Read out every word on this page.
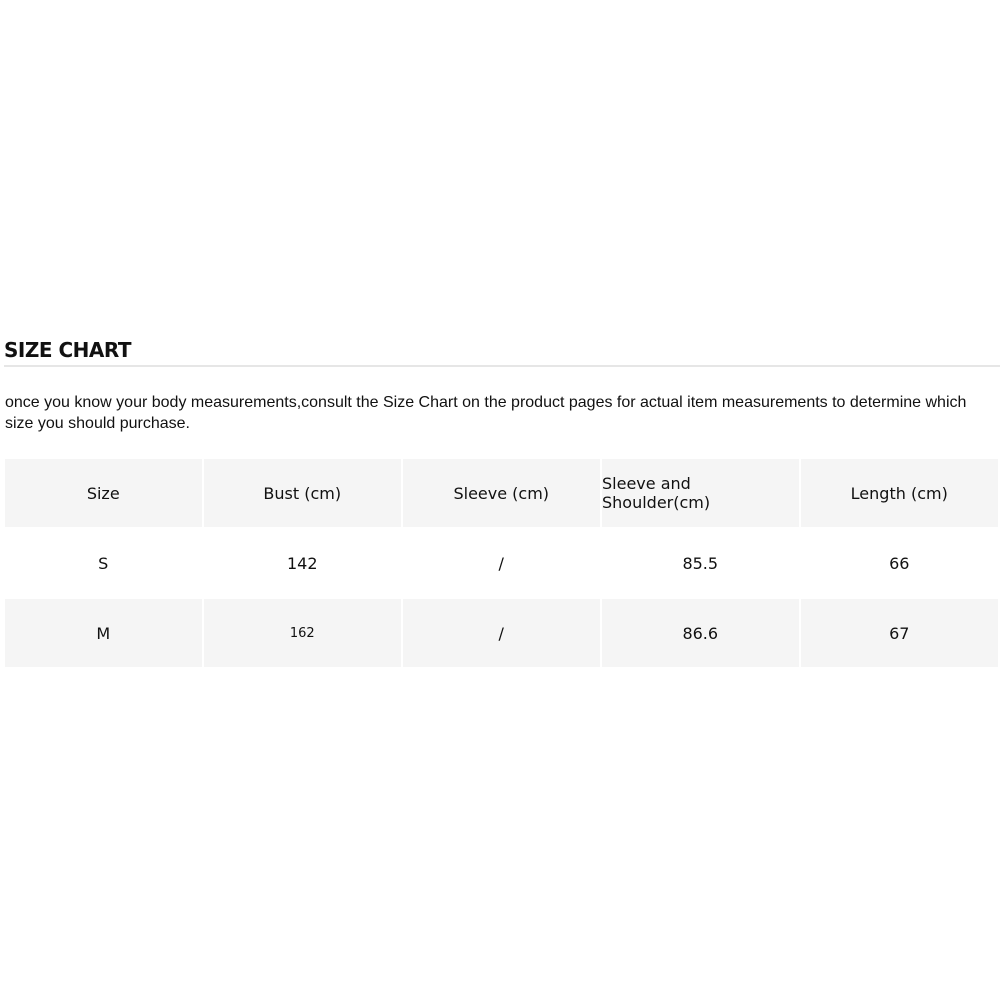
SIZE CHART
once you know your body measurements,consult the Size Chart on the product pages for actual item measurements to determine which size you should purchase.
Size	Bust (cm)	Sleeve (cm)	Sleeve and Shoulder(cm)	Length (cm)
S	142	/	85.5	66
M	162	/	86.6	67
